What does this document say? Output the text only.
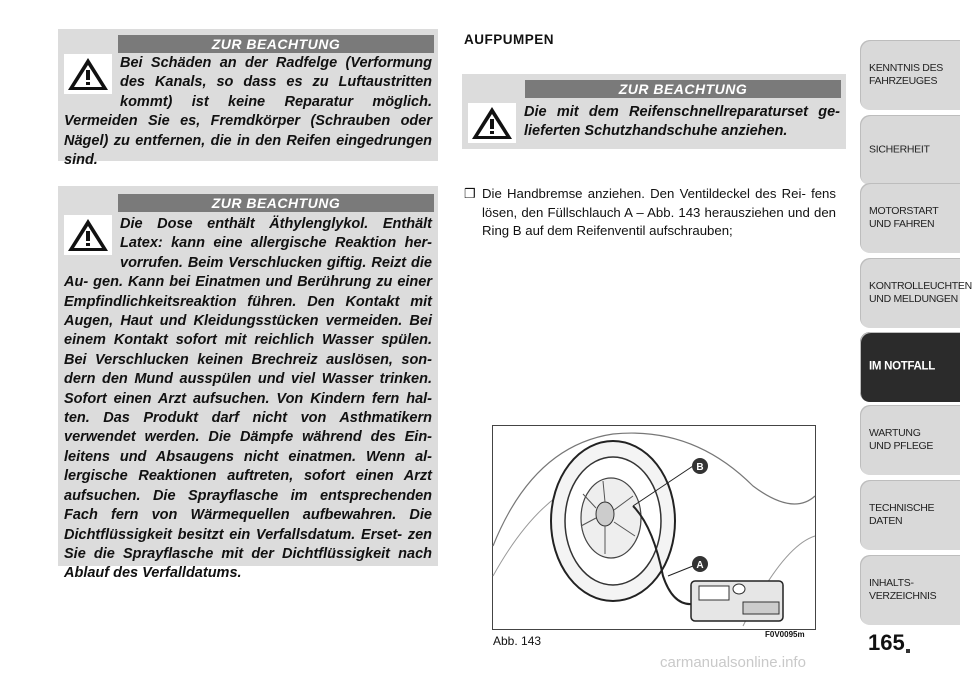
ZUR BEACHTUNG
Bei Schäden an der Radfelge (Verformung des Kanals, so dass es zu Luftaustritten kommt) ist keine Reparatur möglich. Vermeiden Sie es, Fremdkörper (Schrauben oder Nägel) zu entfernen, die in den Reifen eingedrungen sind.
ZUR BEACHTUNG
Die Dose enthält Äthylenglykol. Enthält Latex: kann eine allergische Reaktion her- vorrufen. Beim Verschlucken giftig. Reizt die Au- gen. Kann bei Einatmen und Berührung zu einer Empfindlichkeitsreaktion führen. Den Kontakt mit Augen, Haut und Kleidungsstücken vermeiden. Bei einem Kontakt sofort mit reichlich Wasser spülen. Bei Verschlucken keinen Brechreiz auslösen, son- dern den Mund ausspülen und viel Wasser trinken. Sofort einen Arzt aufsuchen. Von Kindern fern hal- ten. Das Produkt darf nicht von Asthmatikern verwendet werden. Die Dämpfe während des Ein- leitens und Absaugens nicht einatmen. Wenn al- lergische Reaktionen auftreten, sofort einen Arzt aufsuchen. Die Sprayflasche im entsprechenden Fach fern von Wärmequellen aufbewahren. Die Dichtflüssigkeit besitzt ein Verfallsdatum. Erset- zen Sie die Sprayflasche mit der Dichtflüssigkeit nach Ablauf des Verfalldatums.
AUFPUMPEN
ZUR BEACHTUNG
Die mit dem Reifenschnellreparaturset ge- lieferten Schutzhandschuhe anziehen.
❒ Die Handbremse anziehen. Den Ventildeckel des Rei- fens lösen, den Füllschlauch A – Abb. 143 herausziehen und den Ring B auf dem Reifenventil aufschrauben;
B
A
Abb. 143	F0V0095m	165
KENNTNIS DES
FAHRZEUGES
SICHERHEIT
MOTORSTART
UND FAHREN
KONTROLLEUCHTEN
UND MELDUNGEN
IM NOTFALL
WARTUNG
UND PFLEGE
TECHNISCHE DATEN
INHALTS-
VERZEICHNIS
carmanualsonline.info
